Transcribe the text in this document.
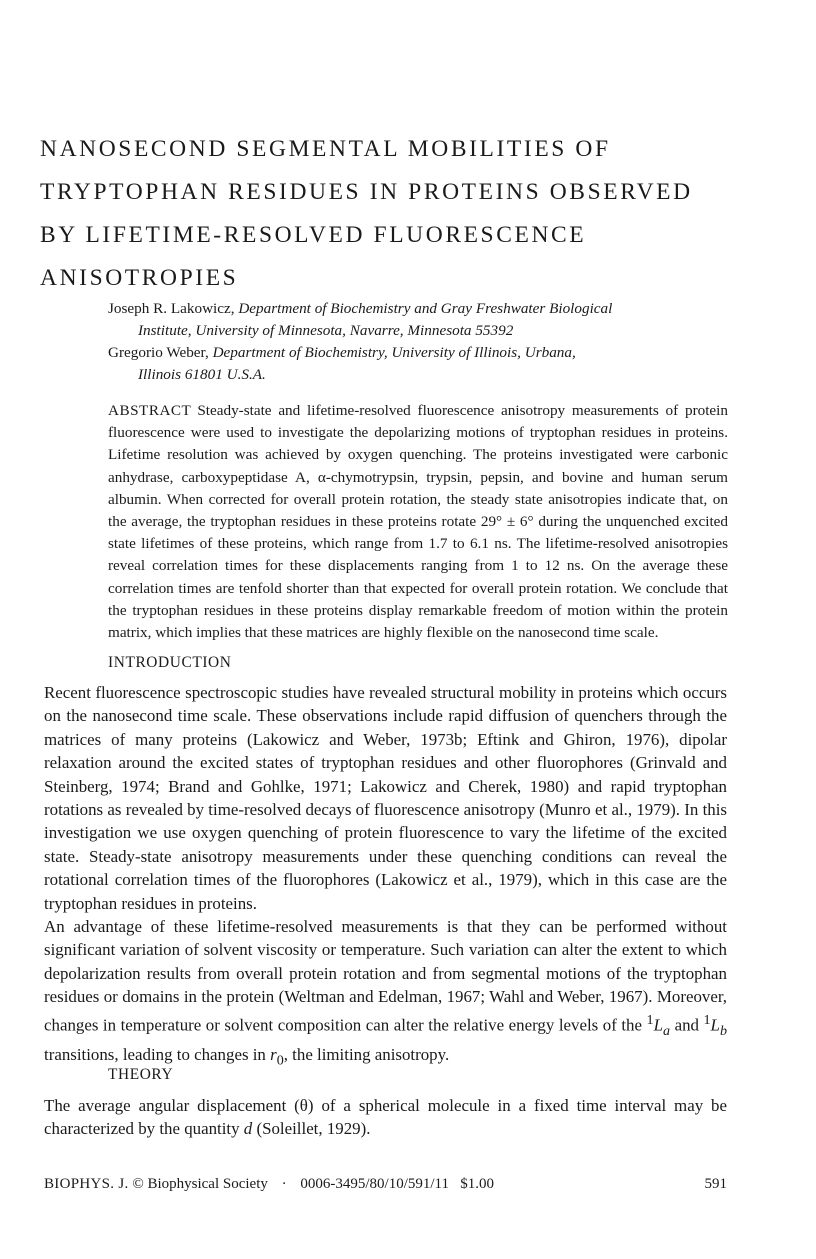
NANOSECOND SEGMENTAL MOBILITIES OF
TRYPTOPHAN RESIDUES IN PROTEINS OBSERVED
BY LIFETIME-RESOLVED FLUORESCENCE
ANISOTROPIES
Joseph R. Lakowicz, Department of Biochemistry and Gray Freshwater Biological
Institute, University of Minnesota, Navarre, Minnesota 55392
Gregorio Weber, Department of Biochemistry, University of Illinois, Urbana,
Illinois 61801 U.S.A.
ABSTRACT Steady-state and lifetime-resolved fluorescence anisotropy measurements of protein fluorescence were used to investigate the depolarizing motions of tryptophan residues in proteins. Lifetime resolution was achieved by oxygen quenching. The proteins investigated were carbonic anhydrase, carboxypeptidase A, α-chymotrypsin, trypsin, pepsin, and bovine and human serum albumin. When corrected for overall protein rotation, the steady state anisotropies indicate that, on the average, the tryptophan residues in these proteins rotate 29° ± 6° during the unquenched excited state lifetimes of these proteins, which range from 1.7 to 6.1 ns. The lifetime-resolved anisotropies reveal correlation times for these displacements ranging from 1 to 12 ns. On the average these correlation times are tenfold shorter than that expected for overall protein rotation. We conclude that the tryptophan residues in these proteins display remarkable freedom of motion within the protein matrix, which implies that these matrices are highly flexible on the nanosecond time scale.
INTRODUCTION

Recent fluorescence spectroscopic studies have revealed structural mobility in proteins which occurs on the nanosecond time scale. These observations include rapid diffusion of quenchers through the matrices of many proteins (Lakowicz and Weber, 1973b; Eftink and Ghiron, 1976), dipolar relaxation around the excited states of tryptophan residues and other fluorophores (Grinvald and Steinberg, 1974; Brand and Gohlke, 1971; Lakowicz and Cherek, 1980) and rapid tryptophan rotations as revealed by time-resolved decays of fluorescence anisotropy (Munro et al., 1979). In this investigation we use oxygen quenching of protein fluorescence to vary the lifetime of the excited state. Steady-state anisotropy measurements under these quenching conditions can reveal the rotational correlation times of the fluorophores (Lakowicz et al., 1979), which in this case are the tryptophan residues in proteins.

An advantage of these lifetime-resolved measurements is that they can be performed without significant variation of solvent viscosity or temperature. Such variation can alter the extent to which depolarization results from overall protein rotation and from segmental motions of the tryptophan residues or domains in the protein (Weltman and Edelman, 1967; Wahl and Weber, 1967). Moreover, changes in temperature or solvent composition can alter the relative energy levels of the $^1L_a$ and $^1L_b$ transitions, leading to changes in $r_0$, the limiting anisotropy.

THEORY

The average angular displacement (θ) of a spherical molecule in a fixed time interval may be characterized by the quantity d (Soleillet, 1929).

BIOPHYS. J. © Biophysical Society · 0006-3495/80/10/591/11 $1.00	591
